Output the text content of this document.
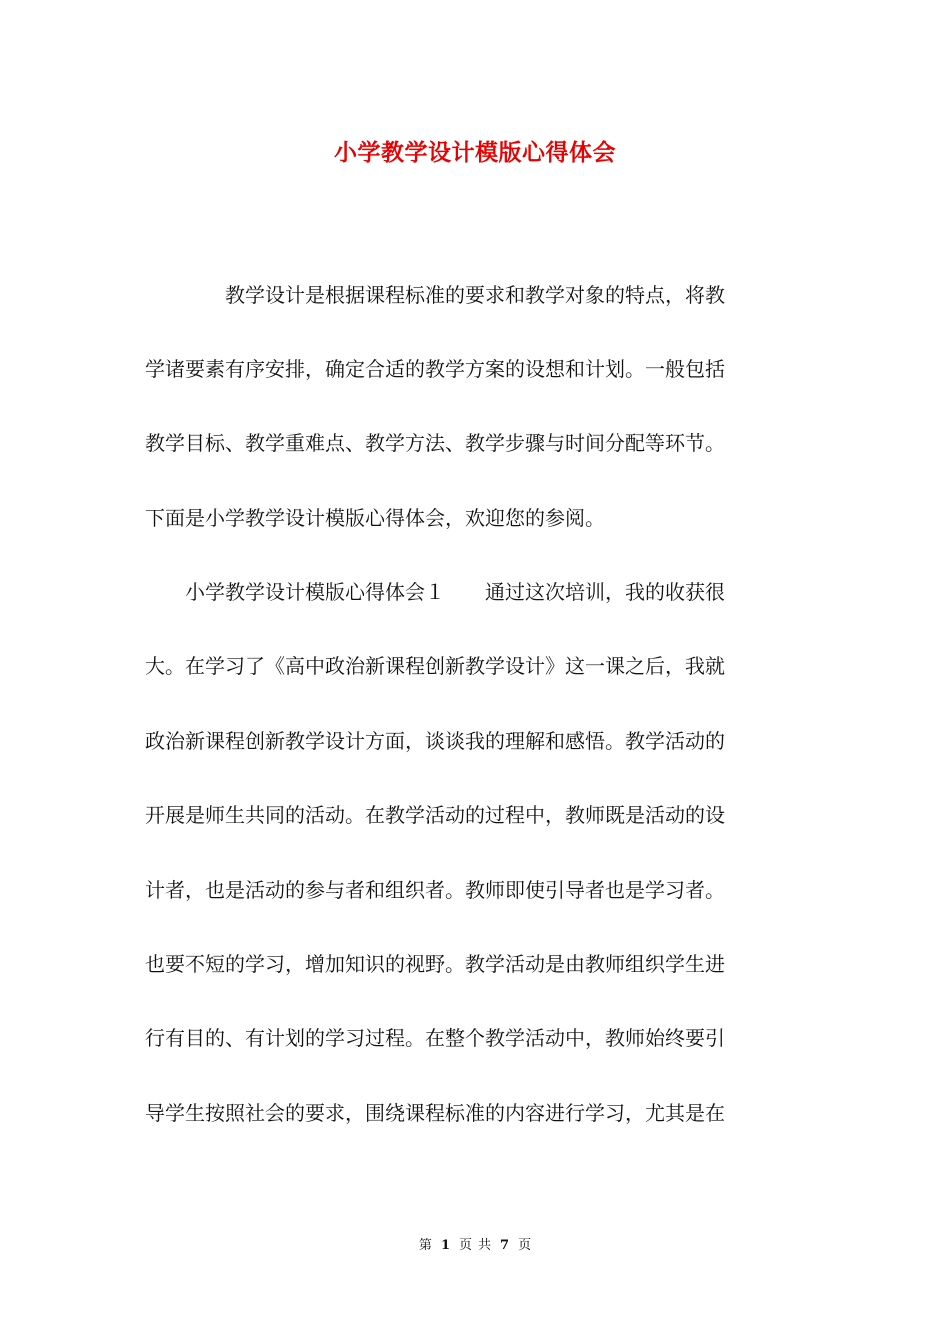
小学教学设计模版心得体会
　　　　教学设计是根据课程标准的要求和教学对象的特点，将教
学诸要素有序安排，确定合适的教学方案的设想和计划。一般包括
教学目标、教学重难点、教学方法、教学步骤与时间分配等环节。
下面是小学教学设计模版心得体会，欢迎您的参阅。
　　小学教学设计模版心得体会１　　通过这次培训，我的收获很
大。在学习了《高中政治新课程创新教学设计》这一课之后，我就
政治新课程创新教学设计方面，谈谈我的理解和感悟。教学活动的
开展是师生共同的活动。在教学活动的过程中，教师既是活动的设
计者，也是活动的参与者和组织者。教师即使引导者也是学习者。
也要不短的学习，增加知识的视野。教学活动是由教师组织学生进
行有目的、有计划的学习过程。在整个教学活动中，教师始终要引
导学生按照社会的要求，围绕课程标准的内容进行学习，尤其是在
第 1 页 共 7 页
